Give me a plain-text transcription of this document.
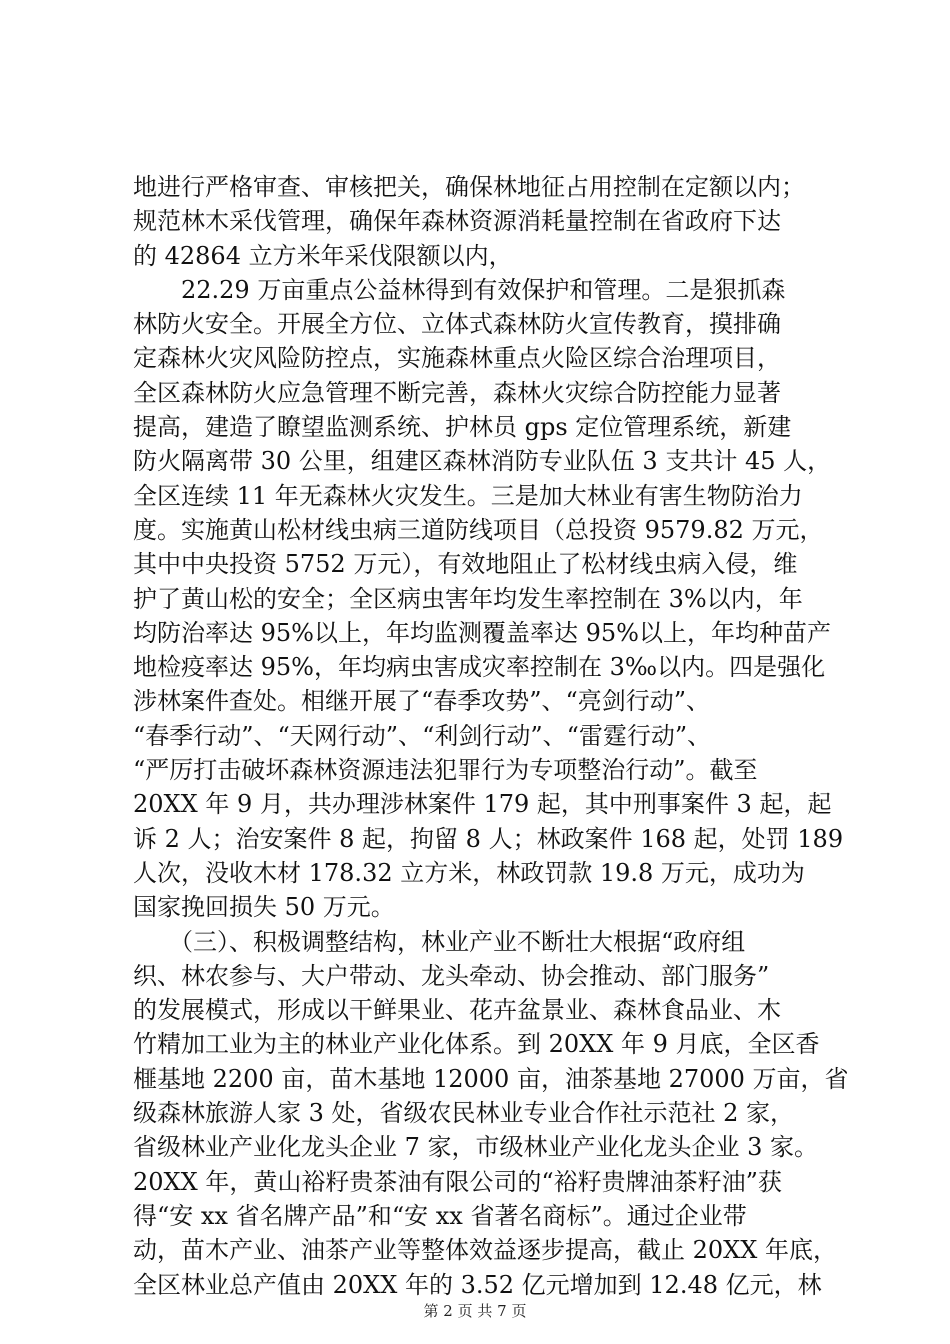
地进行严格审查、审核把关，确保林地征占用控制在定额以内；
规范林木采伐管理，确保年森林资源消耗量控制在省政府下达
的 42864 立方米年采伐限额以内，
　　22.29 万亩重点公益林得到有效保护和管理。二是狠抓森
林防火安全。开展全方位、立体式森林防火宣传教育，摸排确
定森林火灾风险防控点，实施森林重点火险区综合治理项目，
全区森林防火应急管理不断完善，森林火灾综合防控能力显著
提高，建造了瞭望监测系统、护林员 gps 定位管理系统，新建
防火隔离带 30 公里，组建区森林消防专业队伍 3 支共计 45 人，
全区连续 11 年无森林火灾发生。三是加大林业有害生物防治力
度。实施黄山松材线虫病三道防线项目（总投资 9579.82 万元，
其中中央投资 5752 万元），有效地阻止了松材线虫病入侵，维
护了黄山松的安全；全区病虫害年均发生率控制在 3%以内，年
均防治率达 95%以上，年均监测覆盖率达 95%以上，年均种苗产
地检疫率达 95%，年均病虫害成灾率控制在 3‰以内。四是强化
涉林案件查处。相继开展了“春季攻势”、“亮剑行动”、
“春季行动”、“天网行动”、“利剑行动”、“雷霆行动”、
“严厉打击破坏森林资源违法犯罪行为专项整治行动”。截至
20XX 年 9 月，共办理涉林案件 179 起，其中刑事案件 3 起，起
诉 2 人；治安案件 8 起，拘留 8 人；林政案件 168 起，处罚 189
人次，没收木材 178.32 立方米，林政罚款 19.8 万元，成功为
国家挽回损失 50 万元。
　　（三）、积极调整结构，林业产业不断壮大根据“政府组
织、林农参与、大户带动、龙头牵动、协会推动、部门服务”
的发展模式，形成以干鲜果业、花卉盆景业、森林食品业、木
竹精加工业为主的林业产业化体系。到 20XX 年 9 月底，全区香
榧基地 2200 亩，苗木基地 12000 亩，油茶基地 27000 万亩，省
级森林旅游人家 3 处，省级农民林业专业合作社示范社 2 家，
省级林业产业化龙头企业 7 家，市级林业产业化龙头企业 3 家。
20XX 年，黄山裕籽贵茶油有限公司的“裕籽贵牌油茶籽油”获
得“安 xx 省名牌产品”和“安 xx 省著名商标”。通过企业带
动，苗木产业、油茶产业等整体效益逐步提高，截止 20XX 年底，
全区林业总产值由 20XX 年的 3.52 亿元增加到 12.48 亿元，林
第 2 页 共 7 页
